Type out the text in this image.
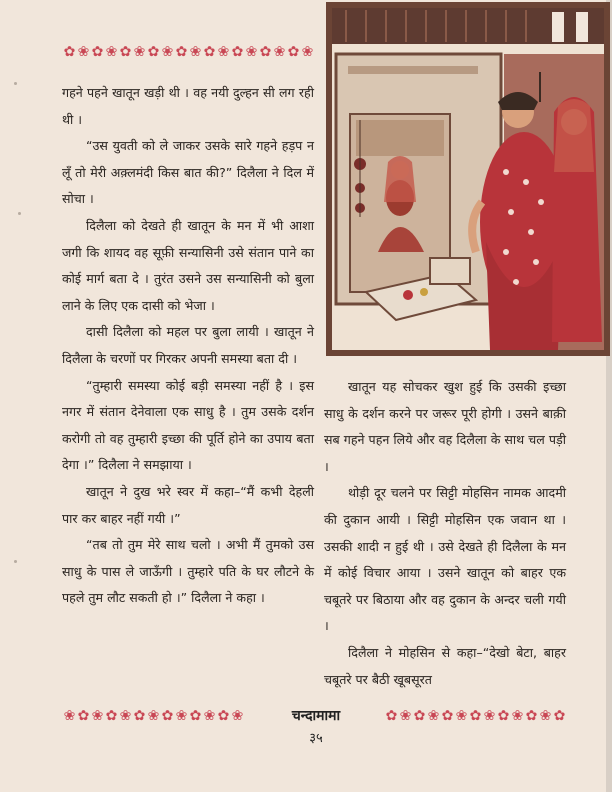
✿ ❀ ✿ ❀ ✿ ❀ ✿ ❀ ✿ ❀ ✿ ❀ ✿ ❀ ✿ ❀ ✿ ❀

गहने पहने खातून खड़ी थी । वह नयी दुल्हन सी लग रही थी ।

“उस युवती को ले जाकर उसके सारे गहने हड़प न लूँ तो मेरी अक़्लमंदी किस बात की?” दिलैला ने दिल में सोचा ।

दिलैला को देखते ही खातून के मन में भी आशा जगी कि शायद वह सूफ़ी सन्यासिनी उसे संतान पाने का कोई मार्ग बता दे । तुरंत उसने उस सन्यासिनी को बुला लाने के लिए एक दासी को भेजा ।

दासी दिलैला को महल पर बुला लायी । खातून ने दिलैला के चरणों पर गिरकर अपनी समस्या बता दी ।

“तुम्हारी समस्या कोई बड़ी समस्या नहीं है । इस नगर में संतान देनेवाला एक साधु है । तुम उसके दर्शन करोगी तो वह तुम्हारी इच्छा की पूर्ति होने का उपाय बता देगा ।” दिलैला ने समझाया ।

खातून ने दुख भरे स्वर में कहा–“मैं कभी देहली पार कर बाहर नहीं गयी ।”

“तब तो तुम मेरे साथ चलो । अभी मैं तुमको उस साधु के पास ले जाऊँगी । तुम्हारे पति के घर लौटने के पहले तुम लौट सकती हो ।” दिलैला ने कहा ।

खातून यह सोचकर खुश हुई कि उसकी इच्छा साधु के दर्शन करने पर जरूर पूरी होगी । उसने बाक़ी सब गहने पहन लिये और वह दिलैला के साथ चल पड़ी ।

थोड़ी दूर चलने पर सिट्टी मोहसिन नामक आदमी की दुकान आयी । सिट्टी मोहसिन एक जवान था । उसकी शादी न हुई थी । उसे देखते ही दिलैला के मन में कोई विचार आया । उसने खातून को बाहर एक चबूतरे पर बिठाया और वह दुकान के अन्दर चली गयी ।

दिलैला ने मोहसिन से कहा–“देखो बेटा, बाहर चबूतरे पर बैठी खूबसूरत

❀ ✿ ❀ ✿ ❀ ✿ ❀ ✿ ❀ ✿ ❀ ✿ ❀	चन्दामामा
३५
✿ ❀ ✿ ❀ ✿ ❀ ✿ ❀ ✿ ❀ ✿ ❀ ✿
